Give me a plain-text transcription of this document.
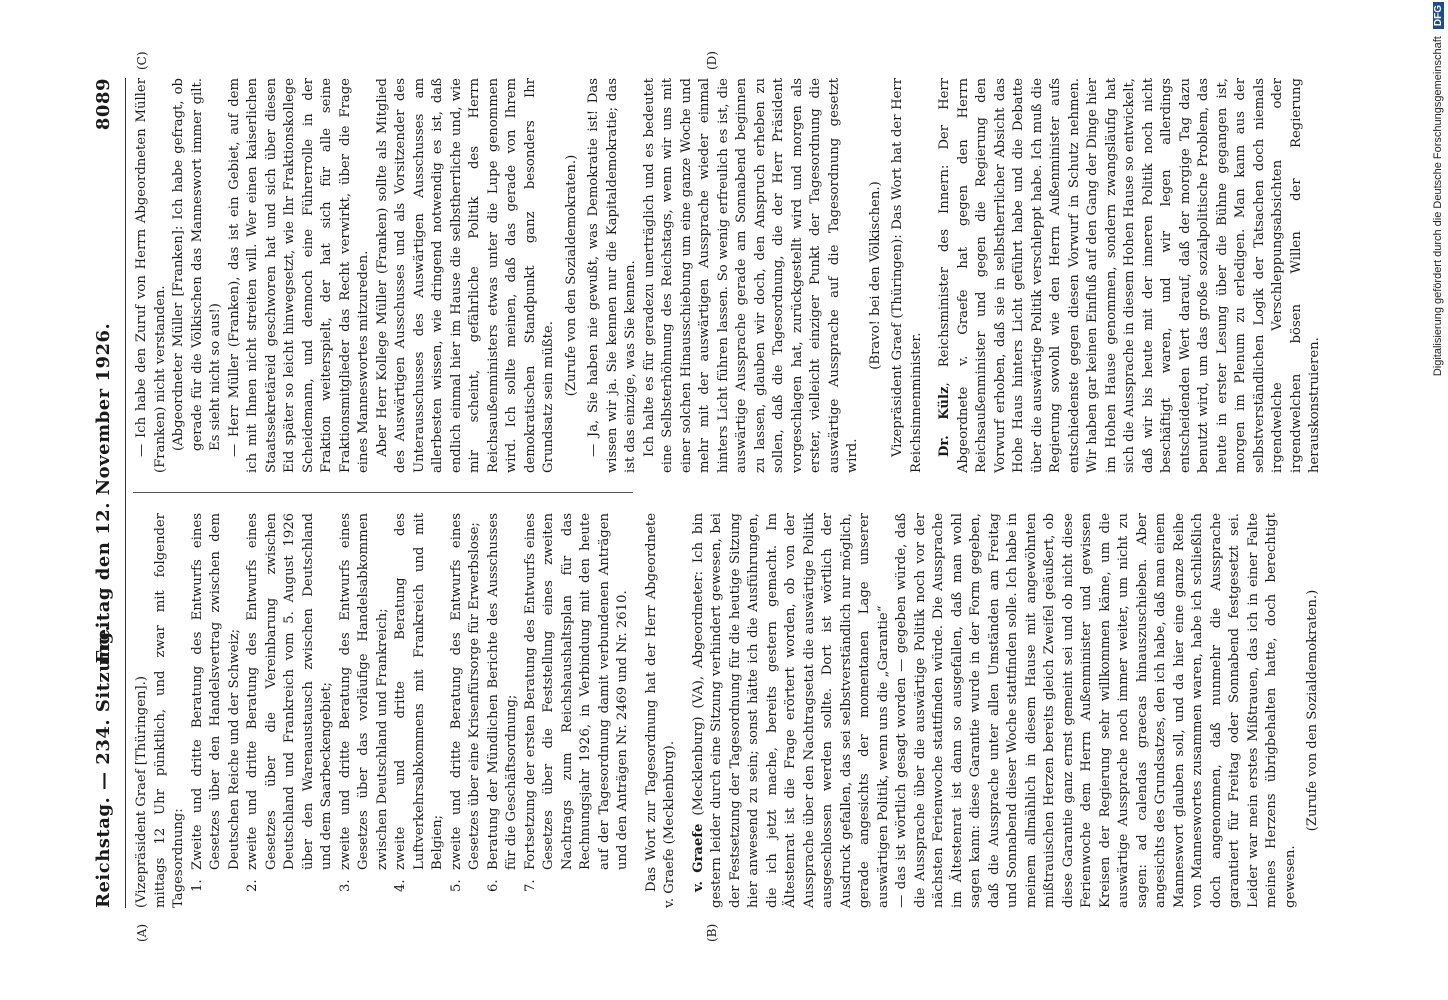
Reichstag. — 234. Sitzung.
Freitag den 12. November 1926.
8089
(A)	(B)
(C)	(D)

(Vizepräsident Graef [Thüringen].) mittags 12 Uhr pünktlich, und zwar mit folgender Tagesordnung: 1.Zweite und dritte Beratung des Entwurfs eines Gesetzes über den Handelsvertrag zwischen dem Deutschen Reiche und der Schweiz;

2.zweite und dritte Beratung des Entwurfs eines Gesetzes über die Vereinbarung zwischen Deutschland und Frankreich vom 5. August 1926 über den Warenaustausch zwischen Deutschland und dem Saarbeckengebiet;

3.zweite und dritte Beratung des Entwurfs eines Gesetzes über das vorläufige Handelsabkommen zwischen Deutschland und Frankreich;

4.zweite und dritte Beratung des Luftverkehrsabkommens mit Frankreich und mit Belgien;

5.zweite und dritte Beratung des Entwurfs eines Gesetzes über eine Krisenfürsorge für Erwerbslose;

6.Beratung der Mündlichen Berichte des Ausschusses für die Geschäftsordnung;

7.Fortsetzung der ersten Beratung des Entwurfs eines Gesetzes über die Feststellung eines zweiten Nachtrags zum Reichshaushaltsplan für das Rechnungsjahr 1926, in Verbindung mit den heute auf der Tagesordnung damit verbundenen Anträgen und den Anträgen Nr. 2469 und Nr. 2610. Das Wort zur Tagesordnung hat der Herr Abgeordnete v. Graefe (Mecklenburg). v. Graefe (Mecklenburg) (VA), Abgeordneter: Ich bin gestern leider durch eine Sitzung verhindert gewesen, bei der Festsetzung der Tagesordnung für die heutige Sitzung hier anwesend zu sein; sonst hätte ich die Ausführungen, die ich jetzt mache, bereits gestern gemacht. Im Ältestenrat ist die Frage erörtert worden, ob von der Aussprache über den Nachtragsetat die auswärtige Politik ausgeschlossen werden sollte. Dort ist wörtlich der Ausdruck gefallen, das sei selbstverständlich nur möglich, gerade angesichts der momentanen Lage unserer auswärtigen Politik, wenn uns die „Garantie“ — das ist wörtlich gesagt worden — gegeben würde, daß die Aussprache über die auswärtige Politik noch vor der nächsten Ferienwoche stattfinden würde. Die Aussprache im Ältestenrat ist dann so ausgefallen, daß man wohl sagen kann: diese Garantie wurde in der Form gegeben, daß die Aussprache unter allen Umständen am Freitag und Sonnabend dieser Woche stattfinden solle. Ich habe in meinem allmählich in diesem Hause mit angewöhnten mißtrauischen Herzen bereits gleich Zweifel geäußert, ob diese Garantie ganz ernst gemeint sei und ob nicht diese Ferienwoche dem Herrn Außenminister und gewissen Kreisen der Regierung sehr willkommen käme, um die auswärtige Aussprache noch immer weiter, um nicht zu sagen: ad calendas graecas hinauszuschieben. Aber angesichts des Grundsatzes, den ich habe, daß man einem Manneswort glauben soll, und da hier eine ganze Reihe von Manneswortes zusammen waren, habe ich schließlich doch angenommen, daß nunmehr die Aussprache garantiert für Freitag oder Sonnabend festgesetzt sei. Leider war mein erstes Mißtrauen, das ich in einer Falte meines Herzens übrigbehalten hatte, doch berechtigt gewesen.

(Zurufe von den Sozialdemokraten.)

— Ich habe den Zuruf von Herrn Abgeordneten Müller (Franken) nicht verstanden. (Abgeordneter Müller [Franken]: Ich habe gefragt, ob gerade für die Völkischen das Manneswort immer gilt. Es sieht nicht so aus!) — Herr Müller (Franken), das ist ein Gebiet, auf dem ich mit Ihnen nicht streiten will. Wer einen kaiserlichen Staatssekretäreid geschworen hat und sich über diesen Eid später so leicht hinwegsetzt, wie Ihr Fraktionskollege Scheidemann, und dennoch eine Führerrolle in der Fraktion weiterspielt, der hat sich für alle seine Fraktionsmitglieder das Recht verwirkt, über die Frage eines Manneswortes mitzureden. Aber Herr Kollege Müller (Franken) sollte als Mitglied des Auswärtigen Ausschusses und als Vorsitzender des Unterausschusses des Auswärtigen Ausschusses am allerbesten wissen, wie dringend notwendig es ist, daß endlich einmal hier im Hause die selbstherrliche und, wie mir scheint, gefährliche Politik des Herrn Reichsaußenministers etwas unter die Lupe genommen wird. Ich sollte meinen, daß das gerade von Ihrem demokratischen Standpunkt ganz besonders Ihr Grundsatz sein müßte.

(Zurufe von den Sozialdemokraten.) — Ja, Sie haben nie gewußt, was Demokratie ist! Das wissen wir ja. Sie kennen nur die Kapitaldemokratie; das ist das einzige, was Sie kennen. Ich halte es für geradezu unerträglich und es bedeutet eine Selbsterhöhnung des Reichstags, wenn wir uns mit einer solchen Hinausschiebung um eine ganze Woche und mehr mit der auswärtigen Aussprache wieder einmal hinters Licht führen lassen. So wenig erfreulich es ist, die auswärtige Aussprache gerade am Sonnabend beginnen zu lassen, glauben wir doch, den Anspruch erheben zu sollen, daß die Tagesordnung, die der Herr Präsident vorgeschlagen hat, zurückgestellt wird und morgen als erster, vielleicht einziger Punkt der Tagesordnung die auswärtige Aussprache auf die Tagesordnung gesetzt wird.

(Bravo! bei den Völkischen.) Vizepräsident Graef (Thüringen): Das Wort hat der Herr Reichsinnenminister. Dr. Külz, Reichsminister des Innern: Der Herr Abgeordnete v. Graefe hat gegen den Herrn Reichsaußenminister und gegen die Regierung den Vorwurf erhoben, daß sie in selbstherrlicher Absicht das Hohe Haus hinters Licht geführt habe und die Debatte über die auswärtige Politik verschleppt habe. Ich muß die Regierung sowohl wie den Herrn Außenminister aufs entschiedenste gegen diesen Vorwurf in Schutz nehmen. Wir haben gar keinen Einfluß auf den Gang der Dinge hier im Hohen Hause genommen, sondern zwangsläufig hat sich die Aussprache in diesem Hohen Hause so entwickelt, daß wir bis heute mit der inneren Politik noch nicht beschäftigt waren, und wir legen allerdings entscheidenden Wert darauf, daß der morgige Tag dazu benutzt wird, um das große sozialpolitische Problem, das heute in erster Lesung über die Bühne gegangen ist, morgen im Plenum zu erledigen. Man kann aus der selbstverständlichen Logik der Tatsachen doch niemals irgendwelche Verschleppungsabsichten oder irgendwelchen bösen Willen der Regierung herauskonstruieren.

Digitalisierung gefördert durch die Deutsche Forschungsgemeinschaft DFG
